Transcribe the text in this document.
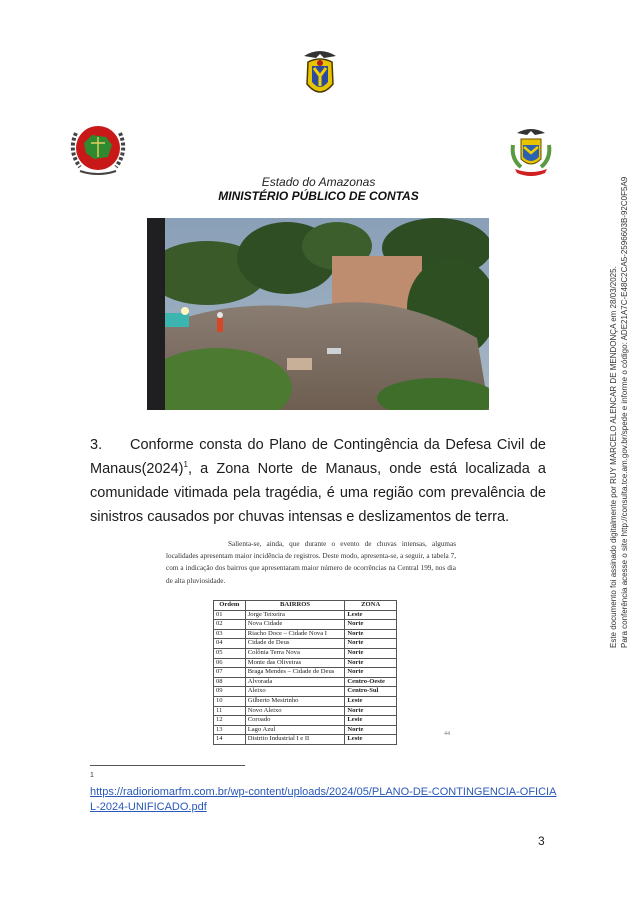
Estado do Amazonas
MINISTÉRIO PÚBLICO DE CONTAS
3. Conforme consta do Plano de Contingência da Defesa Civil de $Manaus(2024)^1$, a Zona Norte de Manaus, onde está localizada a comunidade vitimada pela tragédia, é uma região com prevalência de sinistros causados por chuvas intensas e deslizamentos de terra.
Salienta-se, ainda, que durante o evento de chuvas intensas, algumas localidades apresentam maior incidência de registros. Deste modo, apresenta-se, a seguir, a tabela 7, com a indicação dos bairros que apresentaram maior número de ocorrências na Central 199, nos dia de alta pluviosidade.
Ordem	BAIRROS	ZONA
01	Jorge Teixeira	Leste
02	Nova Cidade	Norte
03	Riacho Doce – Cidade Nova I	Norte
04	Cidade de Deus	Norte
05	Colônia Terra Nova	Norte
06	Monte das Oliveiras	Norte
07	Braga Mendes – Cidade de Deus	Norte
08	Alvorada	Centro-Oeste
09	Aleixo	Centro-Sul
10	Gilberto Mestrinho	Leste
11	Novo Aleixo	Norte
12	Coroado	Leste
13	Lago Azul	Norte
14	Distrito Industrial I e II	Leste
44
1
https://radioriomarfm.com.br/wp-content/uploads/2024/05/PLANO-DE-CONTINGENCIA-OFICIAL-2024-UNIFICADO.pdf
3
Este documento foi assinado digitalmente por RUY MARCELO ALENCAR DE MENDONÇA em 28/03/2025. Para conferência acesse o site http://consulta.tce.am.gov.br/spede e informe o código: ADE21A7C-E48C2CA5-2596603B-92C0F5A9
